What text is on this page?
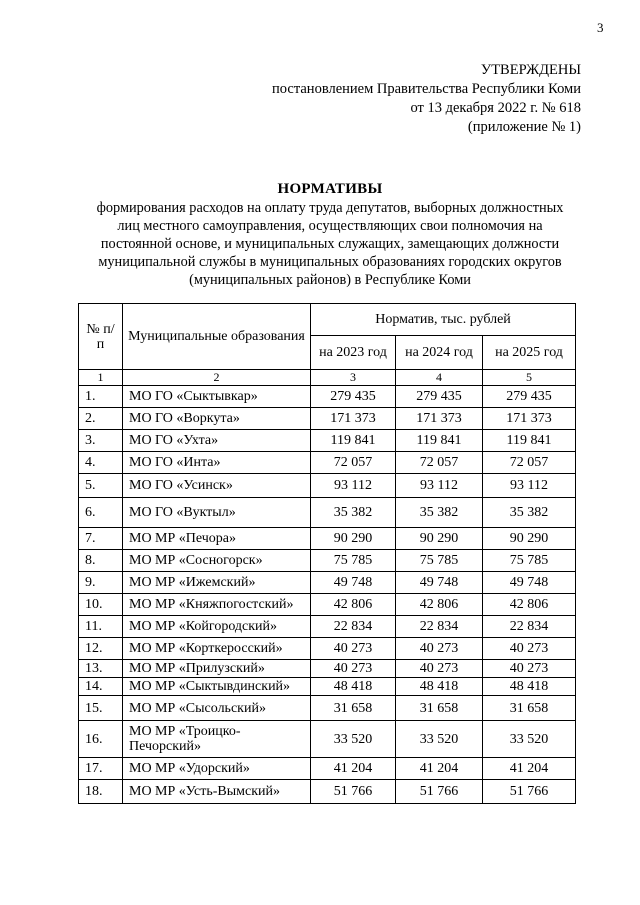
3
УТВЕРЖДЕНЫ
постановлением Правительства Республики Коми
от 13 декабря 2022 г. № 618
(приложение № 1)
НОРМАТИВЫ
формирования расходов на оплату труда депутатов, выборных должностных
лиц местного самоуправления, осуществляющих свои полномочия на
постоянной основе, и муниципальных служащих, замещающих должности
муниципальной службы в муниципальных образованиях городских округов
(муниципальных районов) в Республике Коми
№ п/п	Муниципальные образования	Норматив, тыс. рублей		
		на 2023 год	на 2024 год	на 2025 год
1	2	3	4	5
1.	МО ГО «Сыктывкар»	279 435	279 435	279 435
2.	МО ГО «Воркута»	171 373	171 373	171 373
3.	МО ГО «Ухта»	119 841	119 841	119 841
4.	МО ГО «Инта»	72 057	72 057	72 057
5.	МО ГО «Усинск»	93 112	93 112	93 112
6.	МО ГО «Вуктыл»	35 382	35 382	35 382
7.	МО МР «Печора»	90 290	90 290	90 290
8.	МО МР «Сосногорск»	75 785	75 785	75 785
9.	МО МР «Ижемский»	49 748	49 748	49 748
10.	МО МР «Княжпогостский»	42 806	42 806	42 806
11.	МО МР «Койгородский»	22 834	22 834	22 834
12.	МО МР «Корткеросский»	40 273	40 273	40 273
13.	МО МР «Прилузский»	40 273	40 273	40 273
14.	МО МР «Сыктывдинский»	48 418	48 418	48 418
15.	МО МР «Сысольский»	31 658	31 658	31 658
16.	МО МР «Троицко-Печорский»	33 520	33 520	33 520
17.	МО МР «Удорский»	41 204	41 204	41 204
18.	МО МР «Усть-Вымский»	51 766	51 766	51 766
